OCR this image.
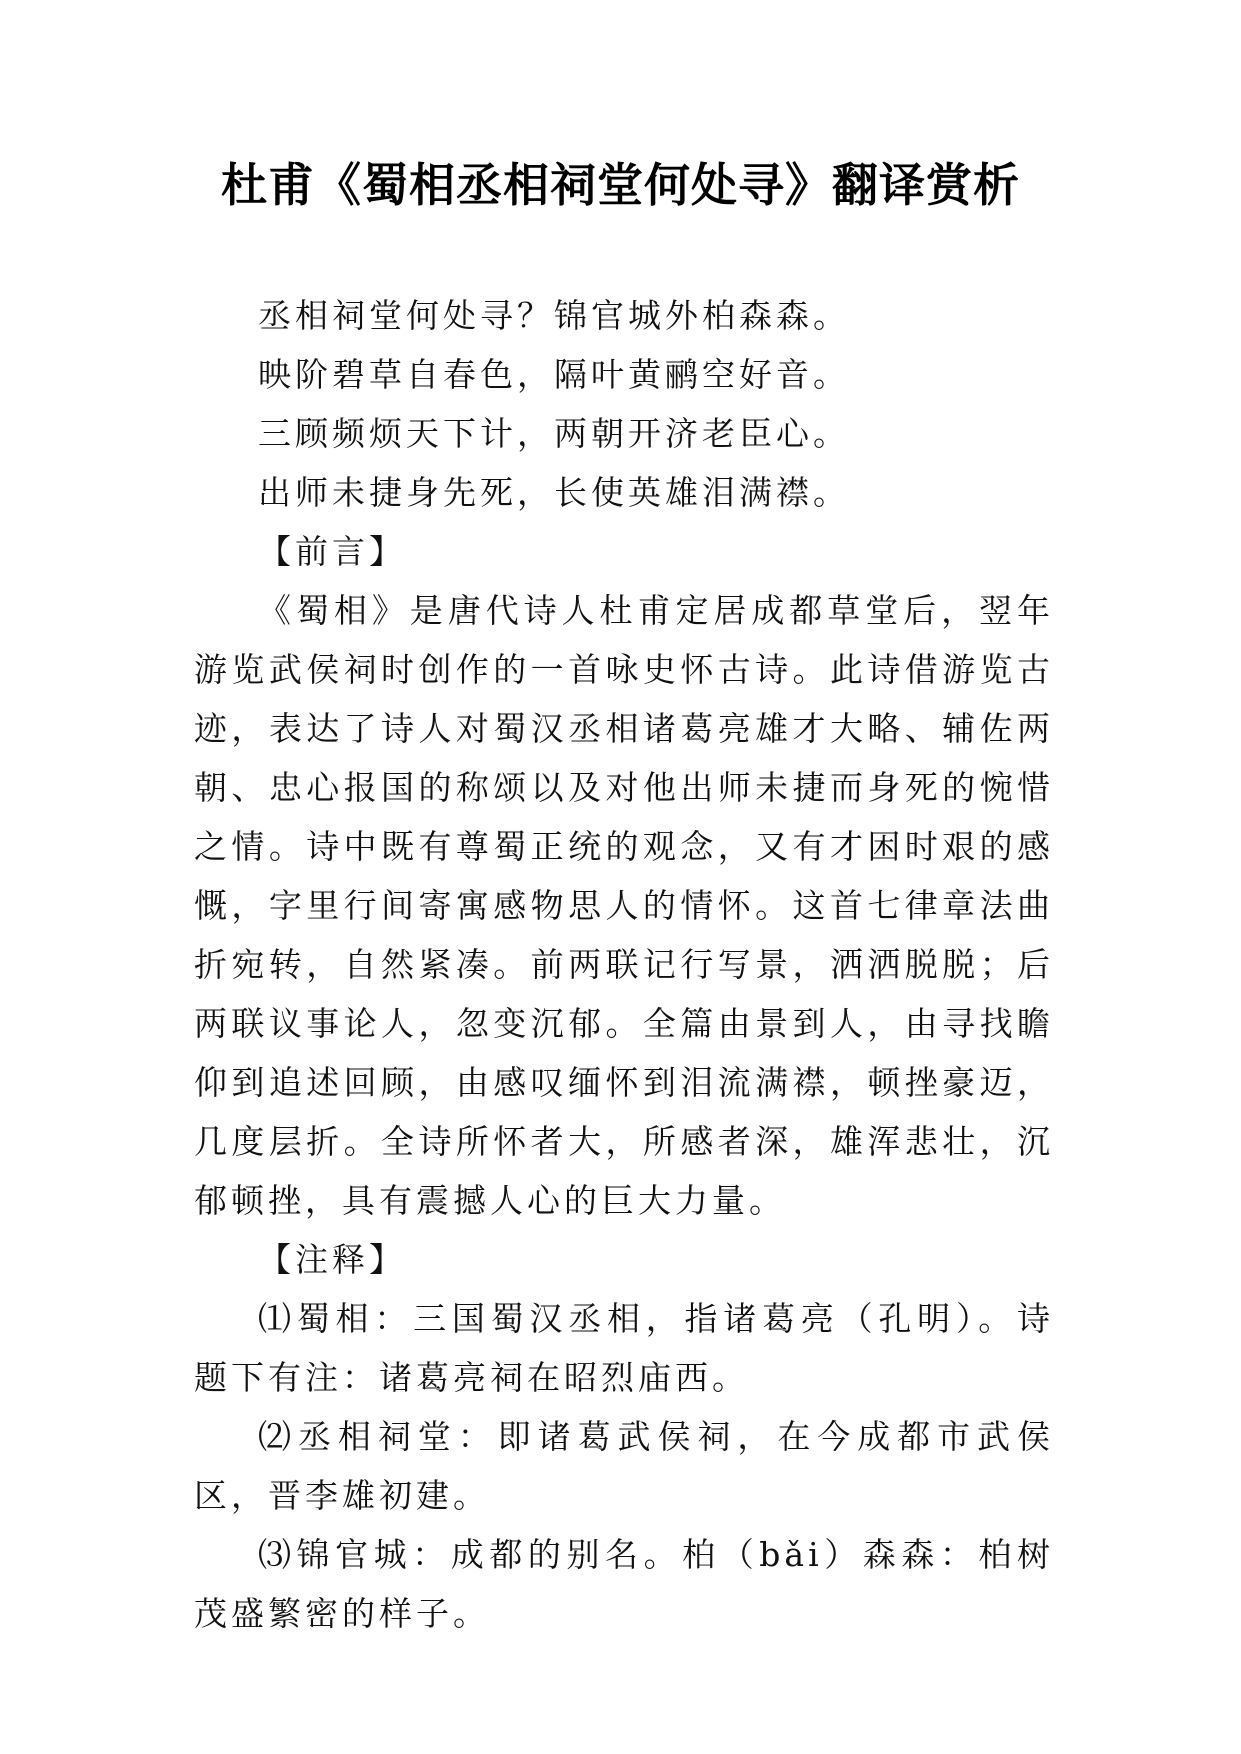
杜甫《蜀相丞相祠堂何处寻》翻译赏析

丞相祠堂何处寻？锦官城外柏森森。

映阶碧草自春色，隔叶黄鹂空好音。

三顾频烦天下计，两朝开济老臣心。

出师未捷身先死，长使英雄泪满襟。

【前言】

《蜀相》是唐代诗人杜甫定居成都草堂后，翌年游览武侯祠时创作的一首咏史怀古诗。此诗借游览古迹，表达了诗人对蜀汉丞相诸葛亮雄才大略、辅佐两朝、忠心报国的称颂以及对他出师未捷而身死的惋惜之情。诗中既有尊蜀正统的观念，又有才困时艰的感慨，字里行间寄寓感物思人的情怀。这首七律章法曲折宛转，自然紧凑。前两联记行写景，洒洒脱脱；后两联议事论人，忽变沉郁。全篇由景到人，由寻找瞻仰到追述回顾，由感叹缅怀到泪流满襟，顿挫豪迈，几度层折。全诗所怀者大，所感者深，雄浑悲壮，沉郁顿挫，具有震撼人心的巨大力量。

【注释】

⑴蜀相：三国蜀汉丞相，指诸葛亮（孔明）。诗题下有注：诸葛亮祠在昭烈庙西。

⑵丞相祠堂：即诸葛武侯祠，在今成都市武侯区，晋李雄初建。

⑶锦官城：成都的别名。柏（bǎi）森森：柏树茂盛繁密的样子。
